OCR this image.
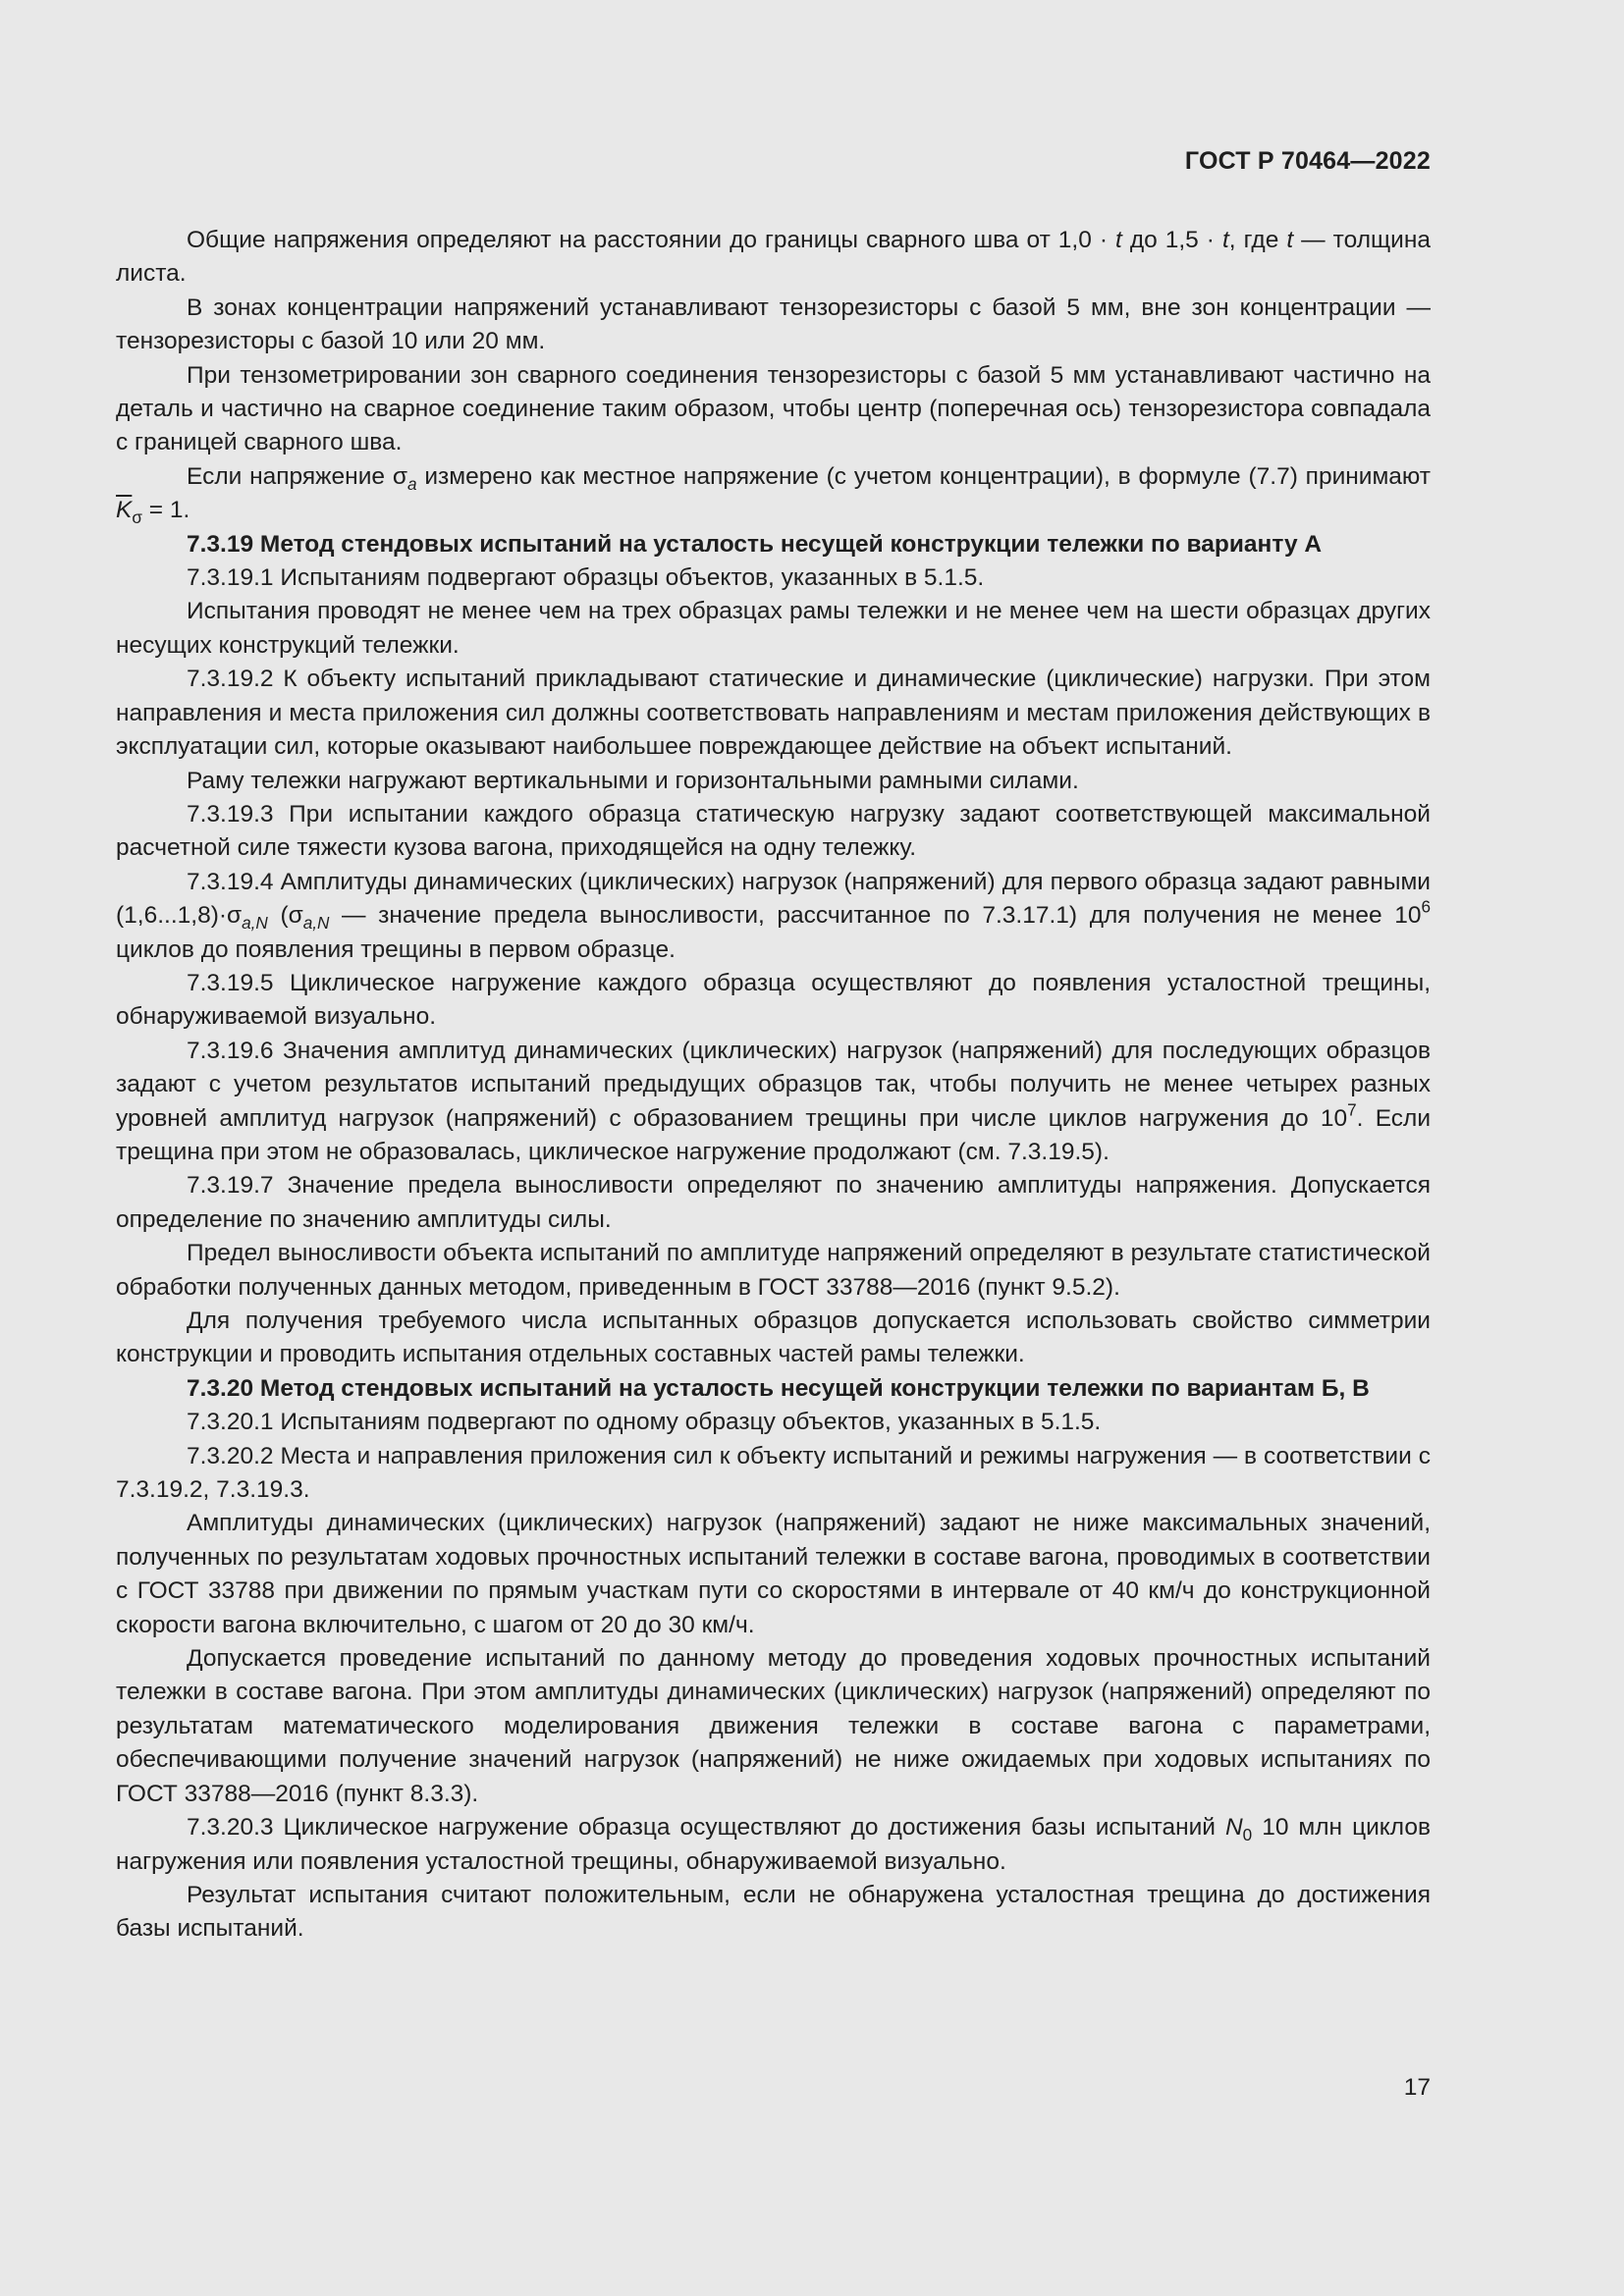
ГОСТ Р 70464—2022

Общие напряжения определяют на расстоянии до границы сварного шва от 1,0 · t до 1,5 · t, где t — толщина листа.

В зонах концентрации напряжений устанавливают тензорезисторы с базой 5 мм, вне зон концентрации — тензорезисторы с базой 10 или 20 мм.

При тензометрировании зон сварного соединения тензорезисторы с базой 5 мм устанавливают частично на деталь и частично на сварное соединение таким образом, чтобы центр (поперечная ось) тензорезистора совпадала с границей сварного шва.

Если напряжение $\sigma_a$ измерено как местное напряжение (с учетом концентрации), в формуле (7.7) принимают $\overline{K}_\sigma = 1$.

7.3.19 Метод стендовых испытаний на усталость несущей конструкции тележки по варианту А

7.3.19.1 Испытаниям подвергают образцы объектов, указанных в 5.1.5.

Испытания проводят не менее чем на трех образцах рамы тележки и не менее чем на шести образцах других несущих конструкций тележки.

7.3.19.2 К объекту испытаний прикладывают статические и динамические (циклические) нагрузки. При этом направления и места приложения сил должны соответствовать направлениям и местам приложения действующих в эксплуатации сил, которые оказывают наибольшее повреждающее действие на объект испытаний.

Раму тележки нагружают вертикальными и горизонтальными рамными силами.

7.3.19.3 При испытании каждого образца статическую нагрузку задают соответствующей максимальной расчетной силе тяжести кузова вагона, приходящейся на одну тележку.

7.3.19.4 Амплитуды динамических (циклических) нагрузок (напряжений) для первого образца задают равными $(1,6...1,8)\cdot\sigma_{a,N}$ ($\sigma_{a,N}$ — значение предела выносливости, рассчитанное по 7.3.17.1) для получения не менее $10^6$ циклов до появления трещины в первом образце.

7.3.19.5 Циклическое нагружение каждого образца осуществляют до появления усталостной трещины, обнаруживаемой визуально.

7.3.19.6 Значения амплитуд динамических (циклических) нагрузок (напряжений) для последующих образцов задают с учетом результатов испытаний предыдущих образцов так, чтобы получить не менее четырех разных уровней амплитуд нагрузок (напряжений) с образованием трещины при числе циклов нагружения до $10^7$. Если трещина при этом не образовалась, циклическое нагружение продолжают (см. 7.3.19.5).

7.3.19.7 Значение предела выносливости определяют по значению амплитуды напряжения. Допускается определение по значению амплитуды силы.

Предел выносливости объекта испытаний по амплитуде напряжений определяют в результате статистической обработки полученных данных методом, приведенным в ГОСТ 33788—2016 (пункт 9.5.2).

Для получения требуемого числа испытанных образцов допускается использовать свойство симметрии конструкции и проводить испытания отдельных составных частей рамы тележки.

7.3.20 Метод стендовых испытаний на усталость несущей конструкции тележки по вариантам Б, В

7.3.20.1 Испытаниям подвергают по одному образцу объектов, указанных в 5.1.5.

7.3.20.2 Места и направления приложения сил к объекту испытаний и режимы нагружения — в соответствии с 7.3.19.2, 7.3.19.3.

Амплитуды динамических (циклических) нагрузок (напряжений) задают не ниже максимальных значений, полученных по результатам ходовых прочностных испытаний тележки в составе вагона, проводимых в соответствии с ГОСТ 33788 при движении по прямым участкам пути со скоростями в интервале от 40 км/ч до конструкционной скорости вагона включительно, с шагом от 20 до 30 км/ч.

Допускается проведение испытаний по данному методу до проведения ходовых прочностных испытаний тележки в составе вагона. При этом амплитуды динамических (циклических) нагрузок (напряжений) определяют по результатам математического моделирования движения тележки в составе вагона с параметрами, обеспечивающими получение значений нагрузок (напряжений) не ниже ожидаемых при ходовых испытаниях по ГОСТ 33788—2016 (пункт 8.3.3).

7.3.20.3 Циклическое нагружение образца осуществляют до достижения базы испытаний $N_0$ 10 млн циклов нагружения или появления усталостной трещины, обнаруживаемой визуально.

Результат испытания считают положительным, если не обнаружена усталостная трещина до достижения базы испытаний.

17
